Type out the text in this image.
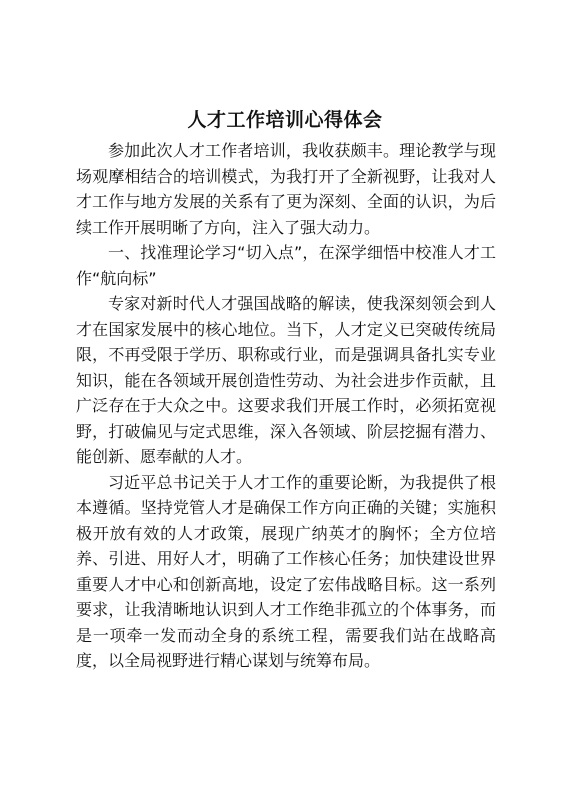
人才工作培训心得体会

参加此次人才工作者培训，我收获颇丰。理论教学与现场观摩相结合的培训模式，为我打开了全新视野，让我对人才工作与地方发展的关系有了更为深刻、全面的认识，为后续工作开展明晰了方向，注入了强大动力。

一、找准理论学习“切入点”，在深学细悟中校准人才工作“航向标”

专家对新时代人才强国战略的解读，使我深刻领会到人才在国家发展中的核心地位。当下，人才定义已突破传统局限，不再受限于学历、职称或行业，而是强调具备扎实专业知识，能在各领域开展创造性劳动、为社会进步作贡献，且广泛存在于大众之中。这要求我们开展工作时，必须拓宽视野，打破偏见与定式思维，深入各领域、阶层挖掘有潜力、能创新、愿奉献的人才。

习近平总书记关于人才工作的重要论断，为我提供了根本遵循。坚持党管人才是确保工作方向正确的关键；实施积极开放有效的人才政策，展现广纳英才的胸怀；全方位培养、引进、用好人才，明确了工作核心任务；加快建设世界重要人才中心和创新高地，设定了宏伟战略目标。这一系列要求，让我清晰地认识到人才工作绝非孤立的个体事务，而是一项牵一发而动全身的系统工程，需要我们站在战略高度，以全局视野进行精心谋划与统筹布局。
